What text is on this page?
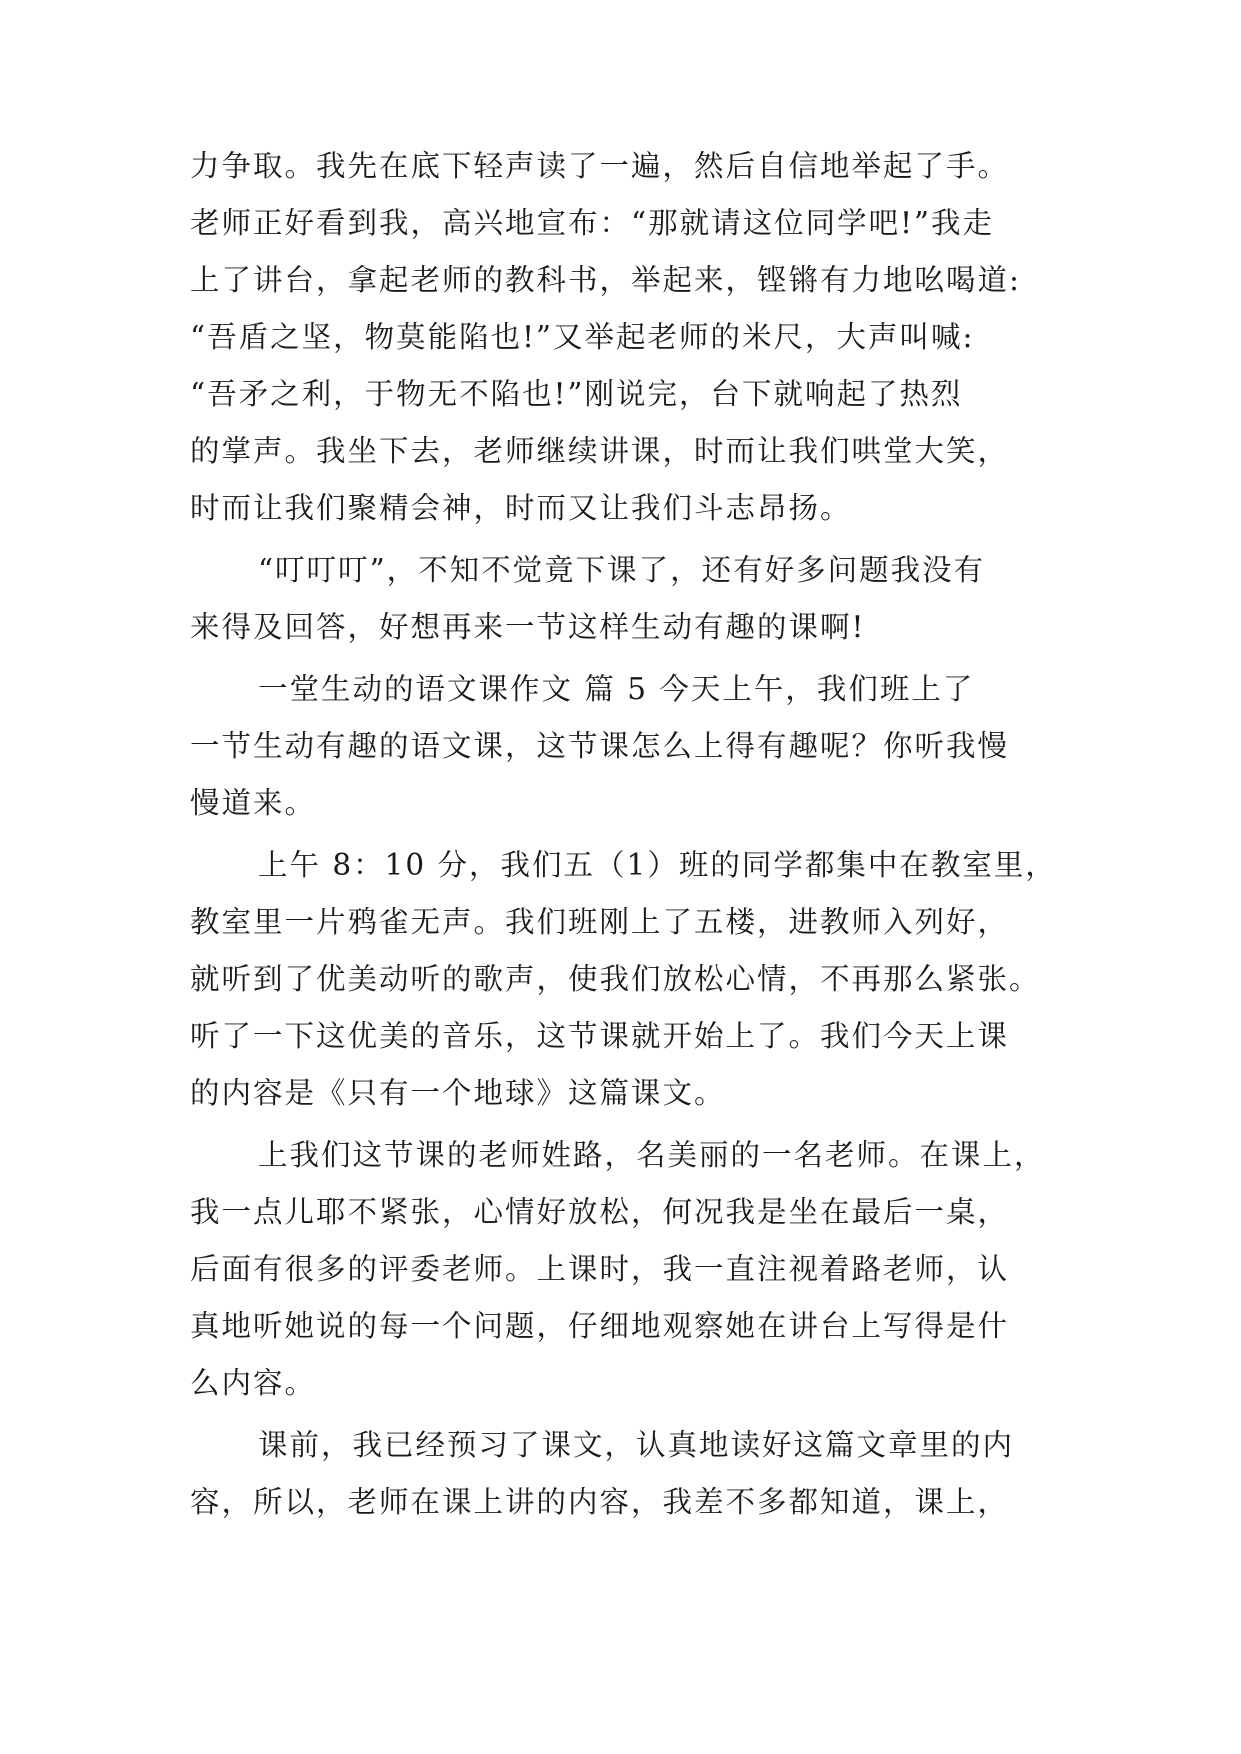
力争取。我先在底下轻声读了一遍，然后自信地举起了手。
老师正好看到我，高兴地宣布：“那就请这位同学吧!”我走
上了讲台，拿起老师的教科书，举起来，铿锵有力地吆喝道:
“吾盾之坚，物莫能陷也!”又举起老师的米尺，大声叫喊:
“吾矛之利，于物无不陷也!”刚说完，台下就响起了热烈
的掌声。我坐下去，老师继续讲课，时而让我们哄堂大笑，
时而让我们聚精会神，时而又让我们斗志昂扬。
“叮叮叮”，不知不觉竟下课了，还有好多问题我没有
来得及回答，好想再来一节这样生动有趣的课啊!
一堂生动的语文课作文 篇 5 今天上午，我们班上了
一节生动有趣的语文课，这节课怎么上得有趣呢？你听我慢
慢道来。
上午 8：10 分，我们五（1）班的同学都集中在教室里，
教室里一片鸦雀无声。我们班刚上了五楼，进教师入列好，
就听到了优美动听的歌声，使我们放松心情，不再那么紧张。
听了一下这优美的音乐，这节课就开始上了。我们今天上课
的内容是《只有一个地球》这篇课文。
上我们这节课的老师姓路，名美丽的一名老师。在课上，
我一点儿耶不紧张，心情好放松，何况我是坐在最后一桌，
后面有很多的评委老师。上课时，我一直注视着路老师，认
真地听她说的每一个问题，仔细地观察她在讲台上写得是什
么内容。
课前，我已经预习了课文，认真地读好这篇文章里的内
容，所以，老师在课上讲的内容，我差不多都知道，课上，
